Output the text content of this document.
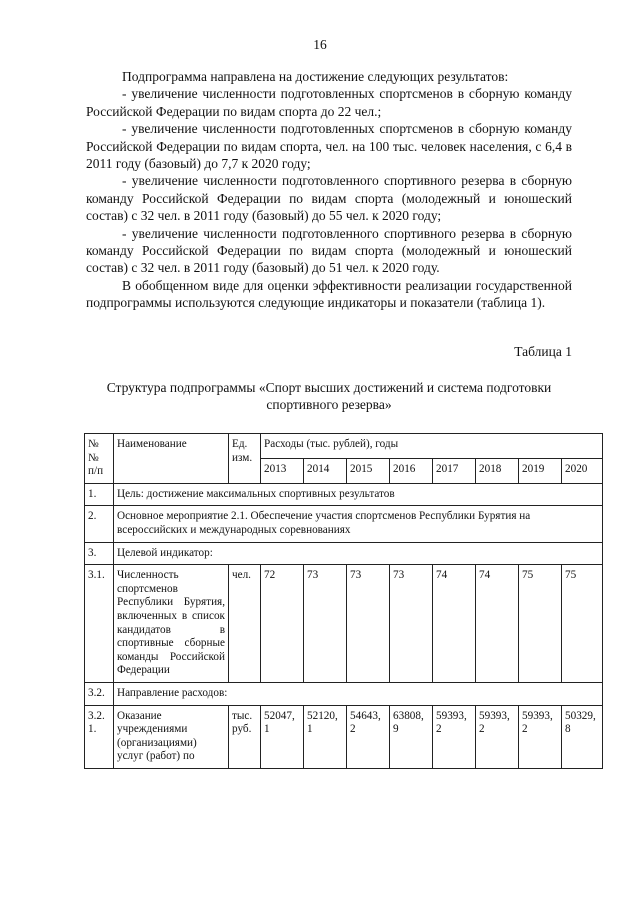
16

Подпрограмма направлена на достижение следующих результатов:

- увеличение численности подготовленных спортсменов в сборную команду Российской Федерации по видам спорта до 22 чел.;

- увеличение численности подготовленных спортсменов в сборную команду Российской Федерации по видам спорта, чел. на 100 тыс. человек населения, с 6,4 в 2011 году (базовый) до 7,7 к 2020 году;

- увеличение численности подготовленного спортивного резерва в сборную команду Российской Федерации по видам спорта (молодежный и юношеский состав) с 32 чел. в 2011 году (базовый) до 55 чел. к 2020 году;

- увеличение численности подготовленного спортивного резерва в сборную команду Российской Федерации по видам спорта (молодежный и юношеский состав) с 32 чел. в 2011 году (базовый) до 51 чел. к 2020 году.

В обобщенном виде для оценки эффективности реализации государственной подпрограммы используются следующие индикаторы и показатели (таблица 1).

Таблица 1
Структура подпрограммы «Спорт высших достижений и система подготовки спортивного резерва»
№ № п/п	Наименование	Ед. изм.	Расходы (тыс. рублей), годы							
			2013	2014	2015	2016	2017	2018	2019	2020
1.	Цель: достижение максимальных спортивных результатов									
2.	Основное мероприятие 2.1. Обеспечение участия спортсменов Республики Бурятия на всероссийских и международных соревнованиях									
3.	Целевой индикатор:									
3.1.	Численность спортсменов Республики Бурятия, включенных в список кандидатов в спортивные сборные команды Российской Федерации	чел.	72	73	73	73	74	74	75	75
3.2.	Направление расходов:									
3.2. 1.	Оказание учреждениями (организациями) услуг (работ) по	тыс. руб.	52047, 1	52120, 1	54643, 2	63808, 9	59393, 2	59393, 2	59393, 2	50329, 8
